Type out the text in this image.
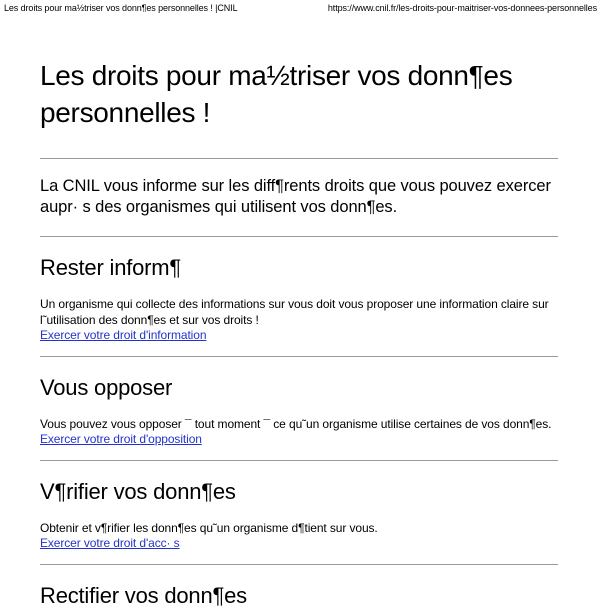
Les droits pour ma½triser vos donn¶es personnelles ! |CNIL	https://www.cnil.fr/les-droits-pour-maitriser-vos-donnees-personnelles
Les droits pour ma½triser vos donn¶es personnelles !

La CNIL vous informe sur les diff¶rents droits que vous pouvez exercer aupr· s des organismes qui utilisent vos donn¶es.

Rester inform¶

Un organisme qui collecte des informations sur vous doit vous proposer une information claire sur l˜utilisation des donn¶es et sur vos droits !

Exercer votre droit d'information
Vous opposer

Vous pouvez vous opposer ¯ tout moment ¯ ce qu˜un organisme utilise certaines de vos donn¶es.

Exercer votre droit d'opposition
V¶rifier vos donn¶es

Obtenir et v¶rifier les donn¶es qu˜un organisme d¶tient sur vous.

Exercer votre droit d'acc· s
Rectifier vos donn¶es
